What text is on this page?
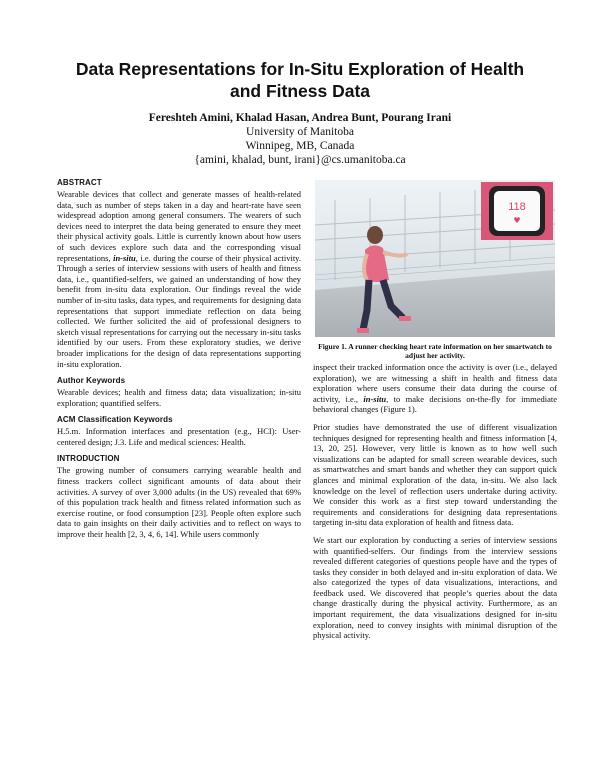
Data Representations for In-Situ Exploration of Health and Fitness Data
Fereshteh Amini, Khalad Hasan, Andrea Bunt, Pourang Irani
University of Manitoba
Winnipeg, MB, Canada
{amini, khalad, bunt, irani}@cs.umanitoba.ca
ABSTRACT

Wearable devices that collect and generate masses of health-related data, such as number of steps taken in a day and heart-rate have seen widespread adoption among general consumers. The wearers of such devices need to interpret the data being generated to ensure they meet their physical activity goals. Little is currently known about how users of such devices explore such data and the corresponding visual representations, in-situ, i.e. during the course of their physical activity. Through a series of interview sessions with users of health and fitness data, i.e., quantified-selfers, we gained an understanding of how they benefit from in-situ data exploration. Our findings reveal the wide number of in-situ tasks, data types, and requirements for designing data representations that support immediate reflection on data being collected. We further solicited the aid of professional designers to sketch visual representations for carrying out the necessary in-situ tasks identified by our users. From these exploratory studies, we derive broader implications for the design of data representations supporting in-situ exploration.

Author Keywords

Wearable devices; health and fitness data; data visualization; in-situ exploration; quantified selfers.

ACM Classification Keywords

H.5.m. Information interfaces and presentation (e.g., HCI): User-centered design; J.3. Life and medical sciences: Health.

INTRODUCTION

The growing number of consumers carrying wearable health and fitness trackers collect significant amounts of data about their activities. A survey of over 3,000 adults (in the US) revealed that 69% of this population track health and fitness related information such as exercise routine, or food consumption [23]. People often explore such data to gain insights on their daily activities and to reflect on ways to improve their health [2, 3, 4, 6, 14]. While users commonly

118
♥
Figure 1. A runner checking heart rate information on her smartwatch to adjust her activity.

inspect their tracked information once the activity is over (i.e., delayed exploration), we are witnessing a shift in health and fitness data exploration where users consume their data during the course of activity, i.e., in-situ, to make decisions on-the-fly for immediate behavioral changes (Figure 1).

Prior studies have demonstrated the use of different visualization techniques designed for representing health and fitness information [4, 13, 20, 25]. However, very little is known as to how well such visualizations can be adapted for small screen wearable devices, such as smartwatches and smart bands and whether they can support quick glances and minimal exploration of the data, in-situ. We also lack knowledge on the level of reflection users undertake during activity. We consider this work as a first step toward understanding the requirements and considerations for designing data representations targeting in-situ data exploration of health and fitness data.

We start our exploration by conducting a series of interview sessions with quantified-selfers. Our findings from the interview sessions revealed different categories of questions people have and the types of tasks they consider in both delayed and in-situ exploration of data. We also categorized the types of data visualizations, interactions, and feedback used. We discovered that people’s queries about the data change drastically during the physical activity. Furthermore, as an important requirement, the data visualizations designed for in-situ exploration, need to convey insights with minimal disruption of the physical activity.
